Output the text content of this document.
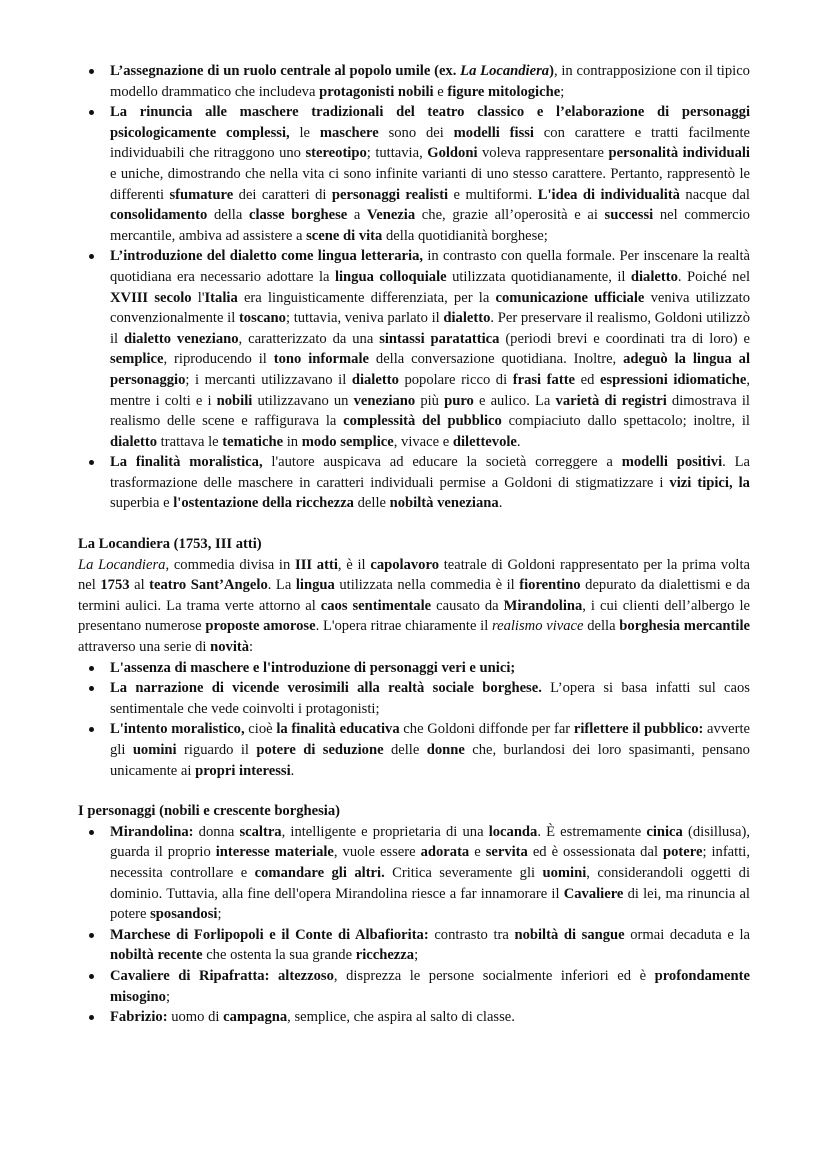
L’assegnazione di un ruolo centrale al popolo umile (ex. La Locandiera), in contrapposizione con il tipico modello drammatico che includeva protagonisti nobili e figure mitologiche;
La rinuncia alle maschere tradizionali del teatro classico e l’elaborazione di personaggi psicologicamente complessi, le maschere sono dei modelli fissi con carattere e tratti facilmente individuabili che ritraggono uno stereotipo; tuttavia, Goldoni voleva rappresentare personalità individuali e uniche, dimostrando che nella vita ci sono infinite varianti di uno stesso carattere. Pertanto, rappresentò le differenti sfumature dei caratteri di personaggi realisti e multiformi. L'idea di individualità nacque dal consolidamento della classe borghese a Venezia che, grazie all’operosità e ai successi nel commercio mercantile, ambiva ad assistere a scene di vita della quotidianità borghese;
L’introduzione del dialetto come lingua letteraria, in contrasto con quella formale. Per inscenare la realtà quotidiana era necessario adottare la lingua colloquiale utilizzata quotidianamente, il dialetto. Poiché nel XVIII secolo l'Italia era linguisticamente differenziata, per la comunicazione ufficiale veniva utilizzato convenzionalmente il toscano; tuttavia, veniva parlato il dialetto. Per preservare il realismo, Goldoni utilizzò il dialetto veneziano, caratterizzato da una sintassi paratattica (periodi brevi e coordinati tra di loro) e semplice, riproducendo il tono informale della conversazione quotidiana. Inoltre, adeguò la lingua al personaggio; i mercanti utilizzavano il dialetto popolare ricco di frasi fatte ed espressioni idiomatiche, mentre i colti e i nobili utilizzavano un veneziano più puro e aulico. La varietà di registri dimostrava il realismo delle scene e raffigurava la complessità del pubblico compiaciuto dallo spettacolo; inoltre, il dialetto trattava le tematiche in modo semplice, vivace e dilettevole.
La finalità moralistica, l'autore auspicava ad educare la società correggere a modelli positivi. La trasformazione delle maschere in caratteri individuali permise a Goldoni di stigmatizzare i vizi tipici, la superbia e l'ostentazione della ricchezza delle nobiltà veneziana.

La Locandiera (1753, III atti)

La Locandiera, commedia divisa in III atti, è il capolavoro teatrale di Goldoni rappresentato per la prima volta nel 1753 al teatro Sant’Angelo. La lingua utilizzata nella commedia è il fiorentino depurato da dialettismi e da termini aulici. La trama verte attorno al caos sentimentale causato da Mirandolina, i cui clienti dell’albergo le presentano numerose proposte amorose. L'opera ritrae chiaramente il realismo vivace della borghesia mercantile attraverso una serie di novità:

L'assenza di maschere e l'introduzione di personaggi veri e unici;
La narrazione di vicende verosimili alla realtà sociale borghese. L’opera si basa infatti sul caos sentimentale che vede coinvolti i protagonisti;
L'intento moralistico, cioè la finalità educativa che Goldoni diffonde per far riflettere il pubblico: avverte gli uomini riguardo il potere di seduzione delle donne che, burlandosi dei loro spasimanti, pensano unicamente ai propri interessi.

I personaggi (nobili e crescente borghesia)

Mirandolina: donna scaltra, intelligente e proprietaria di una locanda. È estremamente cinica (disillusa), guarda il proprio interesse materiale, vuole essere adorata e servita ed è ossessionata dal potere; infatti, necessita controllare e comandare gli altri. Critica severamente gli uomini, considerandoli oggetti di dominio. Tuttavia, alla fine dell'opera Mirandolina riesce a far innamorare il Cavaliere di lei, ma rinuncia al potere sposandosi;
Marchese di Forlipopoli e il Conte di Albafiorita: contrasto tra nobiltà di sangue ormai decaduta e la nobiltà recente che ostenta la sua grande ricchezza;
Cavaliere di Ripafratta: altezzoso, disprezza le persone socialmente inferiori ed è profondamente misogino;
Fabrizio: uomo di campagna, semplice, che aspira al salto di classe.
